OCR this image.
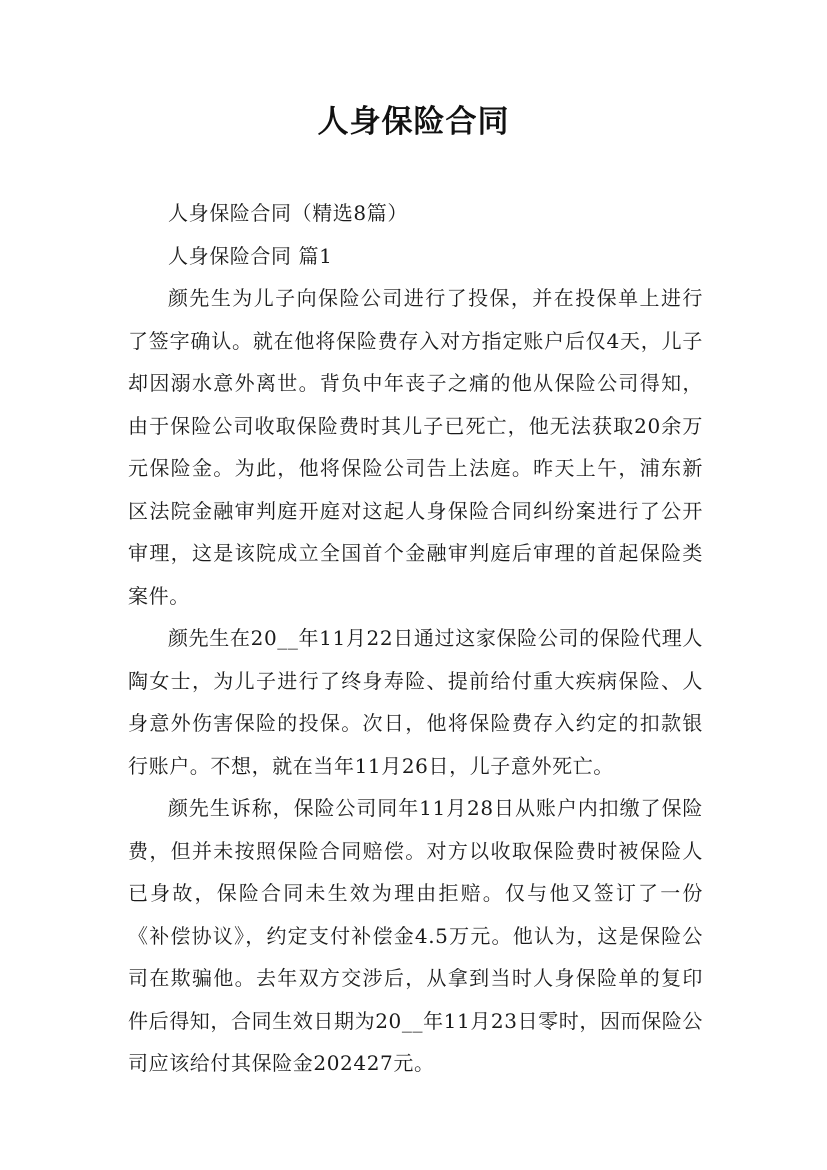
人身保险合同

人身保险合同（精选8篇）

人身保险合同 篇1

颜先生为儿子向保险公司进行了投保，并在投保单上进行了签字确认。就在他将保险费存入对方指定账户后仅4天，儿子却因溺水意外离世。背负中年丧子之痛的他从保险公司得知，由于保险公司收取保险费时其儿子已死亡，他无法获取20余万元保险金。为此，他将保险公司告上法庭。昨天上午，浦东新区法院金融审判庭开庭对这起人身保险合同纠纷案进行了公开审理，这是该院成立全国首个金融审判庭后审理的首起保险类案件。

颜先生在20__年11月22日通过这家保险公司的保险代理人陶女士，为儿子进行了终身寿险、提前给付重大疾病保险、人身意外伤害保险的投保。次日，他将保险费存入约定的扣款银行账户。不想，就在当年11月26日，儿子意外死亡。

颜先生诉称，保险公司同年11月28日从账户内扣缴了保险费，但并未按照保险合同赔偿。对方以收取保险费时被保险人已身故，保险合同未生效为理由拒赔。仅与他又签订了一份《补偿协议》，约定支付补偿金4.5万元。他认为，这是保险公司在欺骗他。去年双方交涉后，从拿到当时人身保险单的复印件后得知，合同生效日期为20__年11月23日零时，因而保险公司应该给付其保险金202427元。
